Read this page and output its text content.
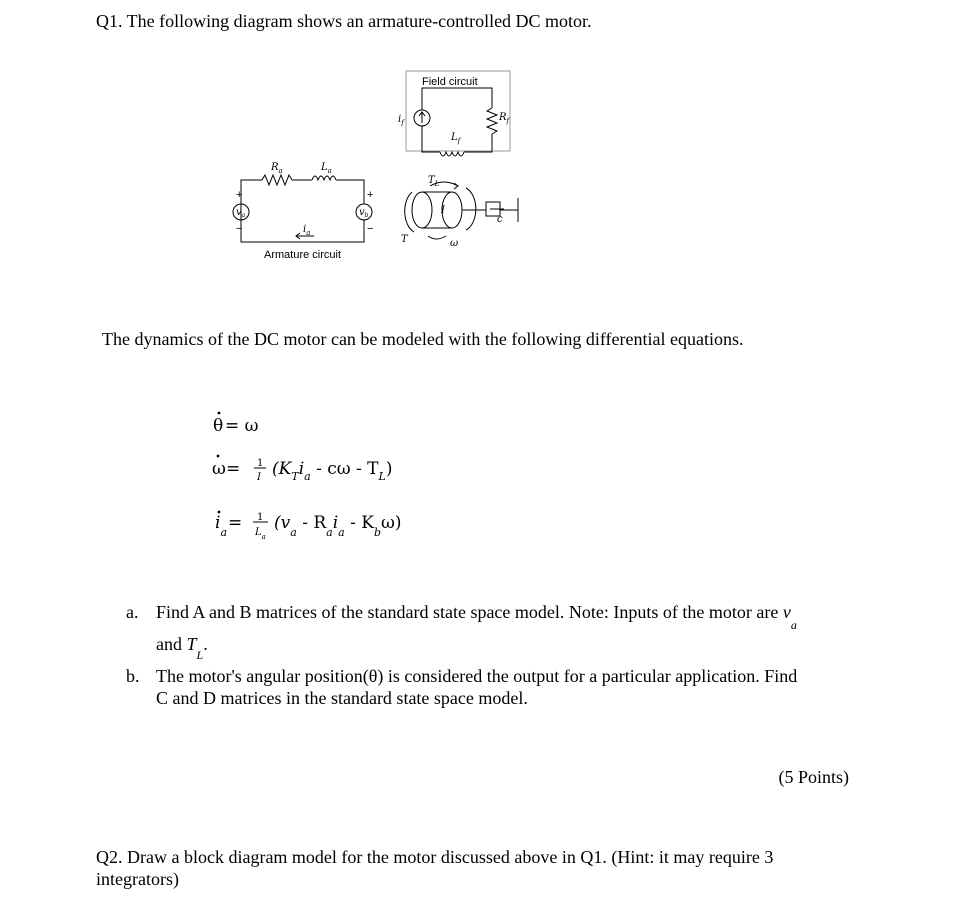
Q1. The following diagram shows an armature-controlled DC motor.
Field circuit
Armature circuit
$R_a$	$L_a$
$v_a$	$v_b$
$i_a$
$i_f$
$L_f$
$R_f$
$T_L$
I
T	ω
c
+
−
+
−
θ = ω
ω = 1
I ($K_Ti_a$ - cω - $T_L$)
$i_a = 1$
$L_a$
$(v_a - R_ai_a - K_b\omega)$
The dynamics of the DC motor can be modeled with the following differential equations.
a. Find A and B matrices of the standard state space model. Note: Inputs of the motor are $v_a$
and $T_L$.
b. The motor's angular position(θ) is considered the output for a particular application. Find
C and D matrices in the standard state space model.
(5 Points)
Q2. Draw a block diagram model for the motor discussed above in Q1. (Hint: it may require 3 integrators)
